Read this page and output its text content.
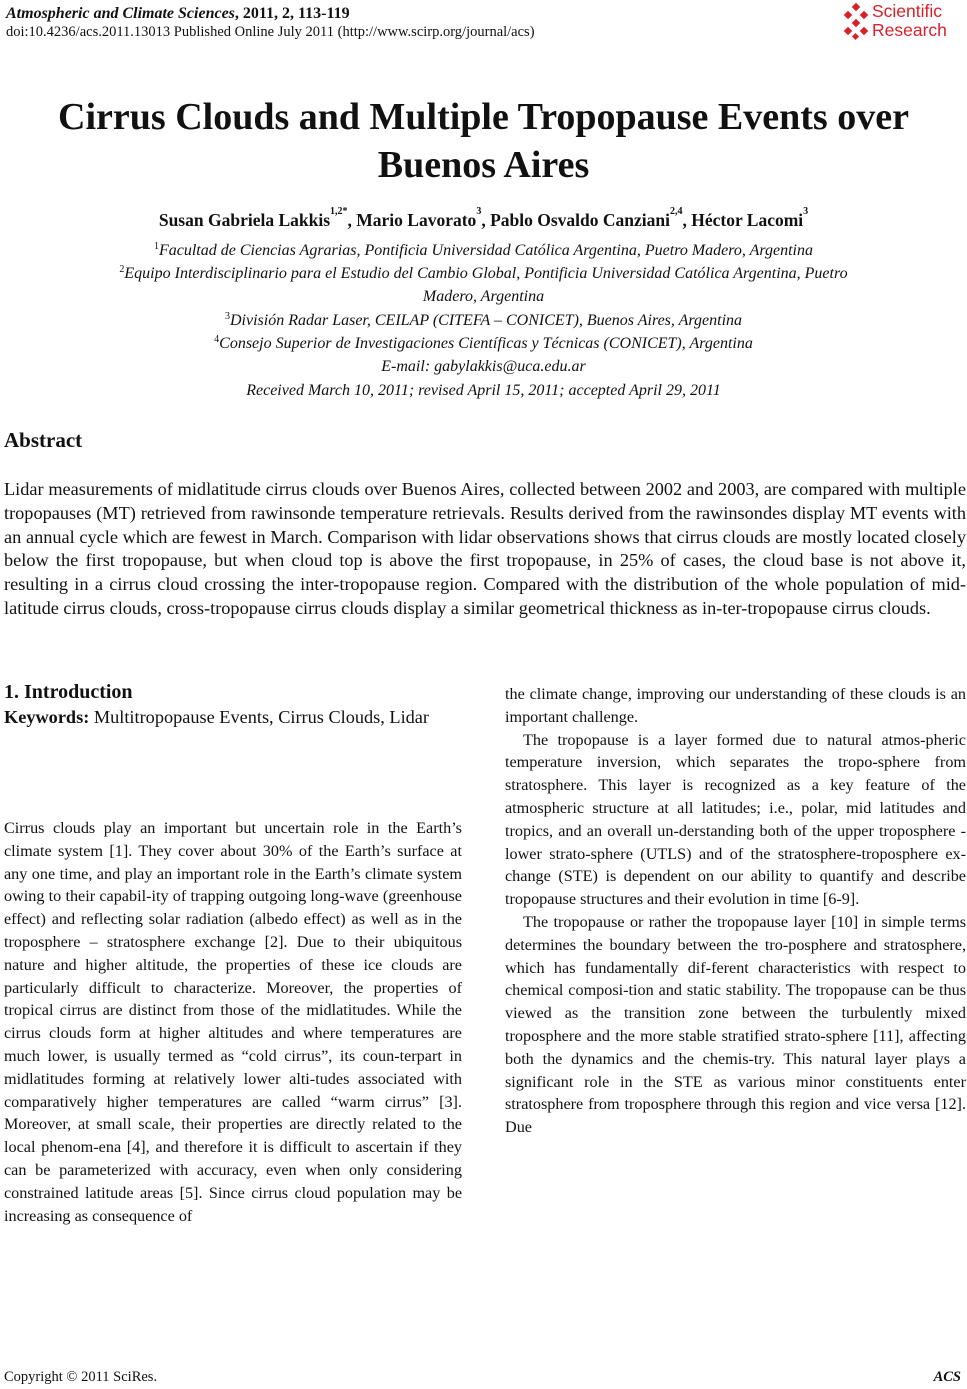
Atmospheric and Climate Sciences, 2011, 2, 113-119
doi:10.4236/acs.2011.13013 Published Online July 2011 (http://www.scirp.org/journal/acs)
Scientific
Research
Cirrus Clouds and Multiple Tropopause Events over
Buenos Aires
Susan Gabriela Lakkis$^{1,2*}$, Mario Lavorato$^3$, Pablo Osvaldo Canziani$^{2,4}$, Héctor Lacomi$^3$
$^1$Facultad de Ciencias Agrarias, Pontificia Universidad Católica Argentina, Puetro Madero, Argentina
$^2$Equipo Interdisciplinario para el Estudio del Cambio Global, Pontificia Universidad Católica Argentina, Puetro
Madero, Argentina
$^3$División Radar Laser, CEILAP (CITEFA – CONICET), Buenos Aires, Argentina
$^4$Consejo Superior de Investigaciones Científicas y Técnicas (CONICET), Argentina
E-mail: gabylakkis@uca.edu.ar
Received March 10, 2011; revised April 15, 2011; accepted April 29, 2011
Abstract

Lidar measurements of midlatitude cirrus clouds over Buenos Aires, collected between 2002 and 2003, are compared with multiple tropopauses (MT) retrieved from rawinsonde temperature retrievals. Results derived from the rawinsondes display MT events with an annual cycle which are fewest in March. Comparison with lidar observations shows that cirrus clouds are mostly located closely below the first tropopause, but when cloud top is above the first tropopause, in 25% of cases, the cloud base is not above it, resulting in a cirrus cloud crossing the inter-tropopause region. Compared with the distribution of the whole population of mid-latitude cirrus clouds, cross-tropopause cirrus clouds display a similar geometrical thickness as in-ter-tropopause cirrus clouds.

Keywords: Multitropopause Events, Cirrus Clouds, Lidar
1. Introduction

Cirrus clouds play an important but uncertain role in the Earth’s climate system [1]. They cover about 30% of the Earth’s surface at any one time, and play an important role in the Earth’s climate system owing to their capabil-ity of trapping outgoing long-wave (greenhouse effect) and reflecting solar radiation (albedo effect) as well as in the troposphere – stratosphere exchange [2]. Due to their ubiquitous nature and higher altitude, the properties of these ice clouds are particularly difficult to characterize. Moreover, the properties of tropical cirrus are distinct from those of the midlatitudes. While the cirrus clouds form at higher altitudes and where temperatures are much lower, is usually termed as “cold cirrus”, its coun-terpart in midlatitudes forming at relatively lower alti-tudes associated with comparatively higher temperatures are called “warm cirrus” [3]. Moreover, at small scale, their properties are directly related to the local phenom-ena [4], and therefore it is difficult to ascertain if they can be parameterized with accuracy, even when only considering constrained latitude areas [5]. Since cirrus cloud population may be increasing as consequence of

the climate change, improving our understanding of these clouds is an important challenge.

The tropopause is a layer formed due to natural atmos-pheric temperature inversion, which separates the tropo-sphere from stratosphere. This layer is recognized as a key feature of the atmospheric structure at all latitudes; i.e., polar, mid latitudes and tropics, and an overall un-derstanding both of the upper troposphere - lower strato-sphere (UTLS) and of the stratosphere-troposphere ex-change (STE) is dependent on our ability to quantify and describe tropopause structures and their evolution in time [6-9].

The tropopause or rather the tropopause layer [10] in simple terms determines the boundary between the tro-posphere and stratosphere, which has fundamentally dif-ferent characteristics with respect to chemical composi-tion and static stability. The tropopause can be thus viewed as the transition zone between the turbulently mixed troposphere and the more stable stratified strato-sphere [11], affecting both the dynamics and the chemis-try. This natural layer plays a significant role in the STE as various minor constituents enter stratosphere from troposphere through this region and vice versa [12]. Due

Copyright © 2011 SciRes.	ACS
